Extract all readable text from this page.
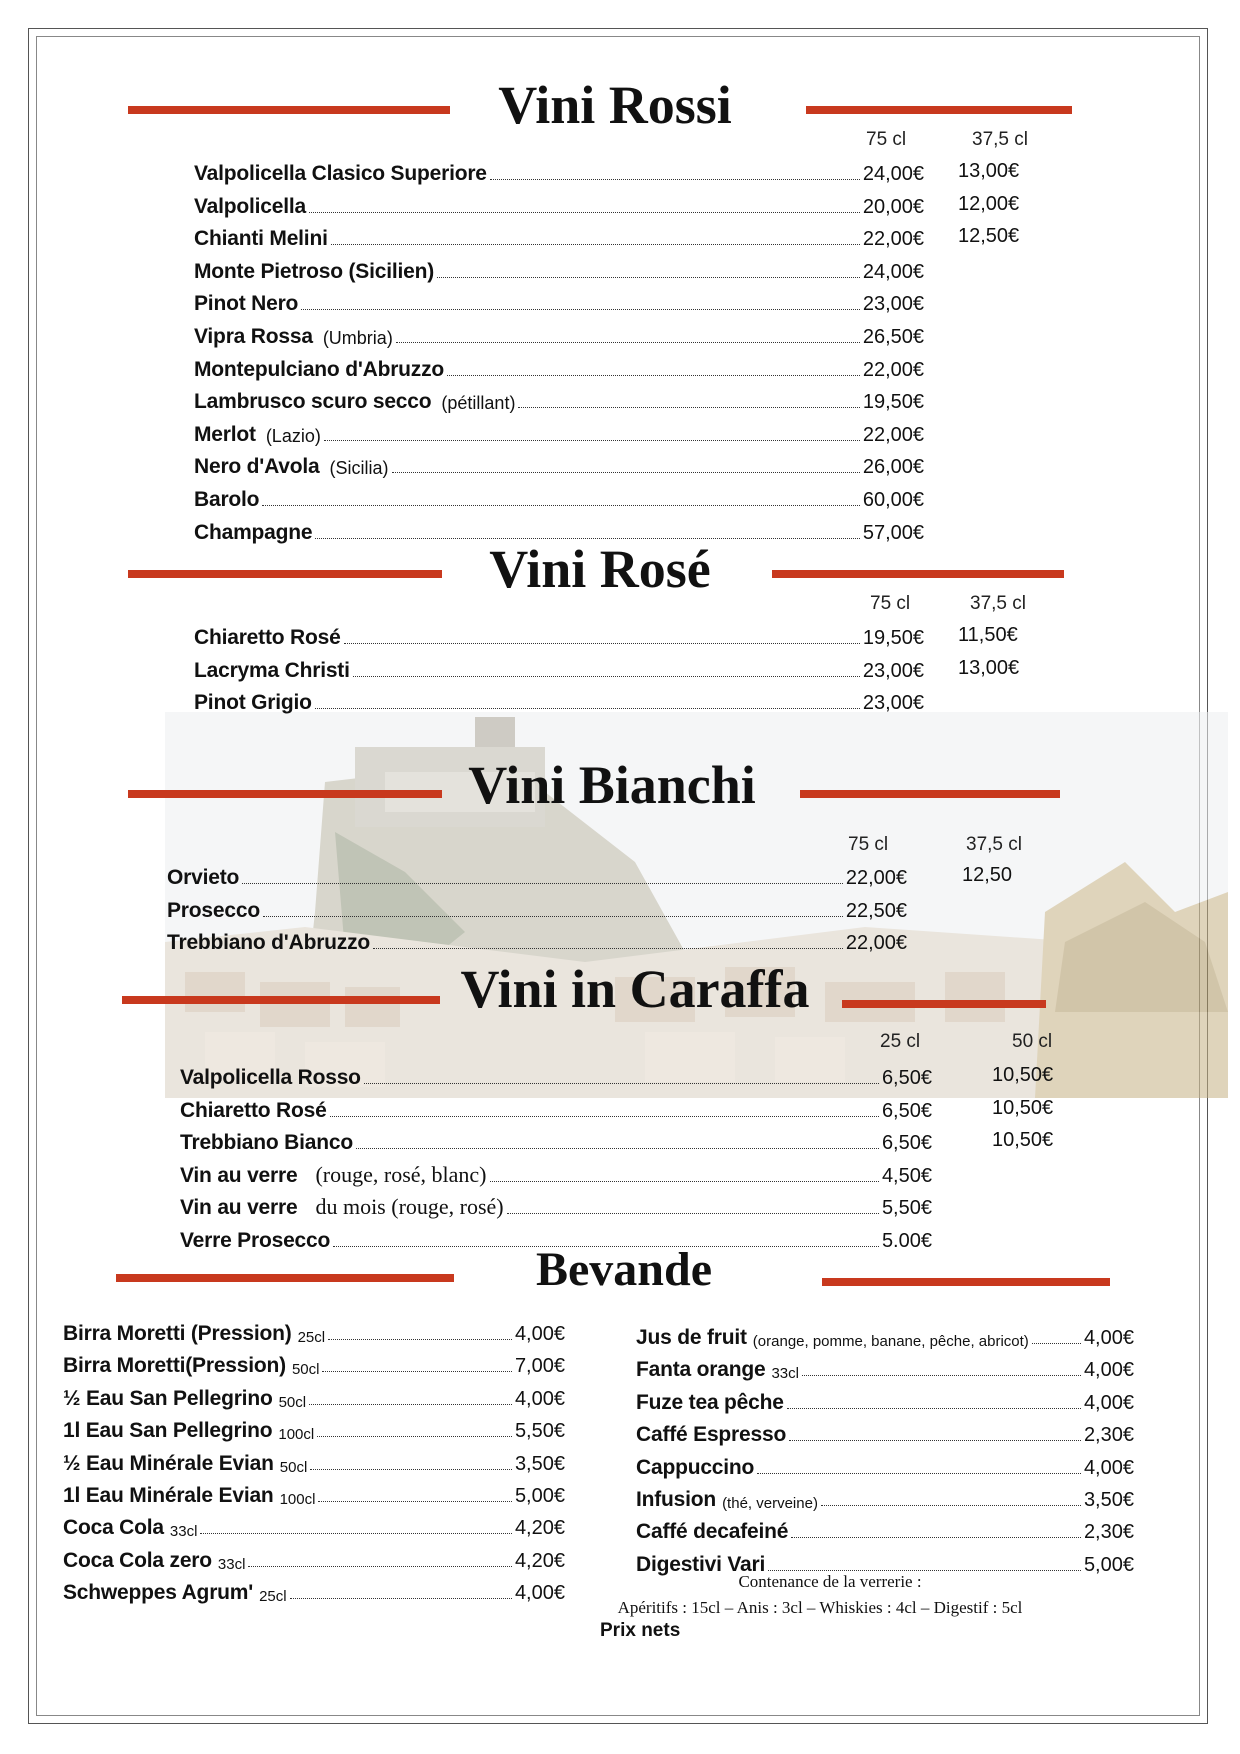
Vini Rossi
75 cl	37,5 cl
Valpolicella Clasico Superiore	24,00€ 13,00€
Valpolicella	20,00€ 12,00€
Chianti Melini	22,00€ 12,50€
Monte Pietroso (Sicilien)	24,00€
Pinot Nero	23,00€
Vipra Rossa (Umbria)	26,50€
Montepulciano d'Abruzzo	22,00€
Lambrusco scuro secco (pétillant)	19,50€
Merlot (Lazio)	22,00€
Nero d'Avola (Sicilia)	26,00€
Barolo	60,00€
Champagne	57,00€
Vini Rosé
75 cl	37,5 cl
Chiaretto Rosé	19,50€ 11,50€
Lacryma Christi	23,00€ 13,00€
Pinot Grigio	23,00€
Vini Bianchi
75 cl	37,5 cl
Orvieto	22,00€	12,50
Prosecco	22,50€
Trebbiano d'Abruzzo	22,00€
Vini in Caraffa
25 cl	50 cl
Valpolicella Rosso	6,50€	10,50€
Chiaretto Rosé	6,50€	10,50€
Trebbiano Bianco	6,50€	10,50€
Vin au verre (rouge, rosé, blanc)	4,50€
Vin au verre du mois (rouge, rosé)	5,50€
Verre Prosecco	5.00€
Bevande
Birra Moretti (Pression) 25cl	4,00€
Birra Moretti(Pression) 50cl	7,00€
½ Eau San Pellegrino 50cl	4,00€
1l Eau San Pellegrino 100cl	5,50€
½ Eau Minérale Evian 50cl	3,50€
1l Eau Minérale Evian 100cl	5,00€
Coca Cola 33cl	4,20€
Coca Cola zero 33cl	4,20€
Schweppes Agrum' 25cl	4,00€
Jus de fruit (orange, pomme, banane, pêche, abricot)	4,00€
Fanta orange 33cl	4,00€
Fuze tea pêche	4,00€
Caffé Espresso	2,30€
Cappuccino	4,00€
Infusion (thé, verveine)	3,50€
Caffé decafeiné	2,30€
Digestivi Vari	5,00€
Contenance de la verrerie :
Apéritifs : 15cl – Anis : 3cl – Whiskies : 4cl – Digestif : 5cl
Prix nets
